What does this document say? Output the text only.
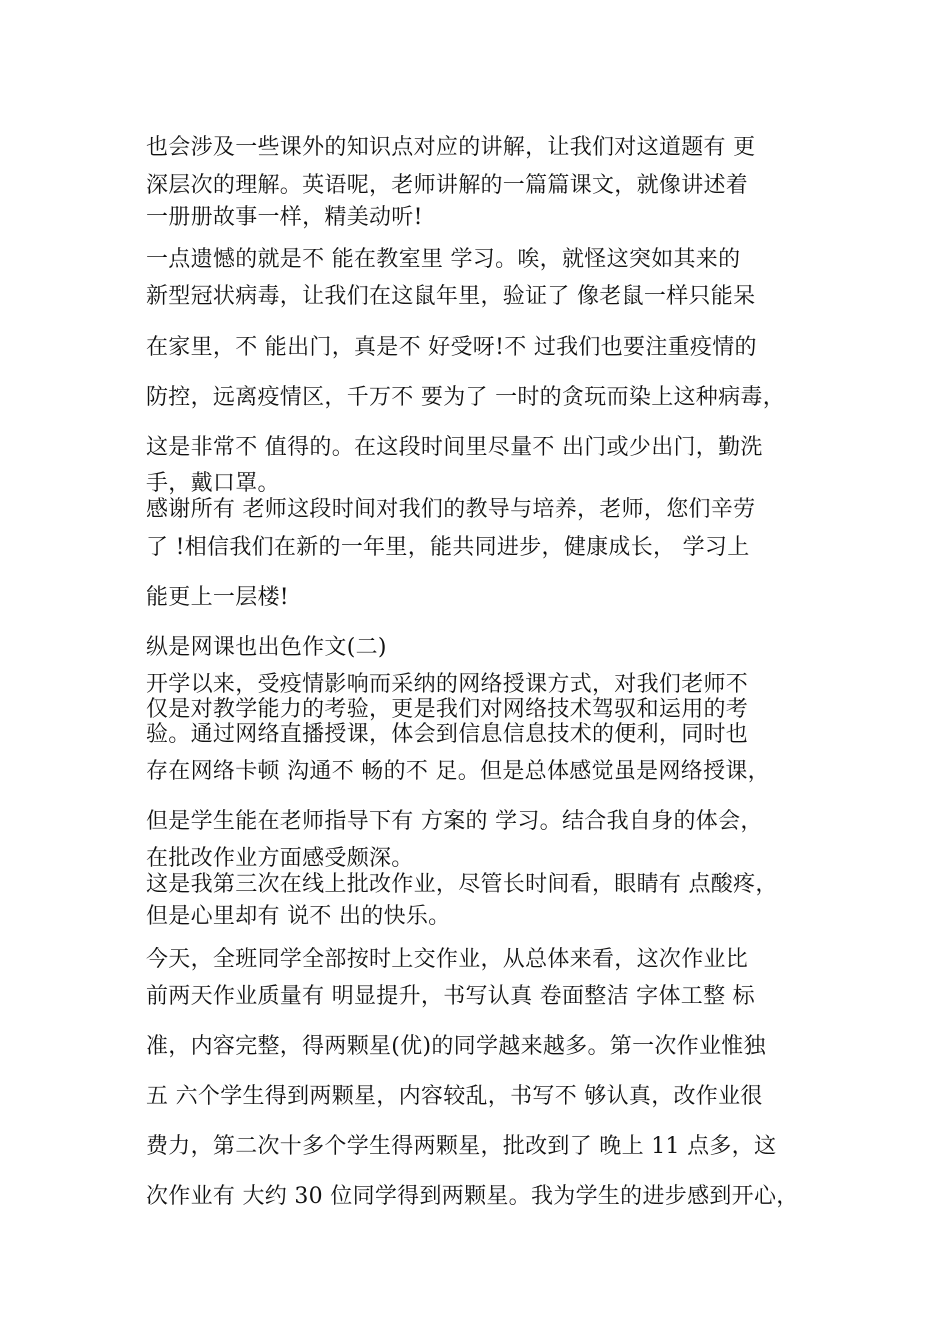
也会涉及一些课外的知识点对应的讲解，让我们对这道题有 更
深层次的理解。英语呢，老师讲解的一篇篇课文，就像讲述着
一册册故事一样，精美动听!
一点遗憾的就是不 能在教室里 学习。唉，就怪这突如其来的
新型冠状病毒，让我们在这鼠年里，验证了 像老鼠一样只能呆
在家里，不 能出门，真是不 好受呀!不 过我们也要注重疫情的
防控，远离疫情区，千万不 要为了 一时的贪玩而染上这种病毒，
这是非常不 值得的。在这段时间里尽量不 出门或少出门，勤洗
手，戴口罩。
感谢所有 老师这段时间对我们的教导与培养，老师，您们辛劳
了 !相信我们在新的一年里，能共同进步，健康成长， 学习上
能更上一层楼!
纵是网课也出色作文(二)
开学以来，受疫情影响而采纳的网络授课方式，对我们老师不
仅是对教学能力的考验，更是我们对网络技术驾驭和运用的考
验。通过网络直播授课，体会到信息信息技术的便利，同时也
存在网络卡顿 沟通不 畅的不 足。但是总体感觉虽是网络授课，
但是学生能在老师指导下有 方案的 学习。结合我自身的体会，
在批改作业方面感受颇深。
这是我第三次在线上批改作业，尽管长时间看，眼睛有 点酸疼，
但是心里却有 说不 出的快乐。
今天，全班同学全部按时上交作业，从总体来看，这次作业比
前两天作业质量有 明显提升，书写认真 卷面整洁 字体工整 标
准，内容完整，得两颗星(优)的同学越来越多。第一次作业惟独
五 六个学生得到两颗星，内容较乱，书写不 够认真，改作业很
费力，第二次十多个学生得两颗星，批改到了 晚上 11 点多，这
次作业有 大约 30 位同学得到两颗星。我为学生的进步感到开心，
